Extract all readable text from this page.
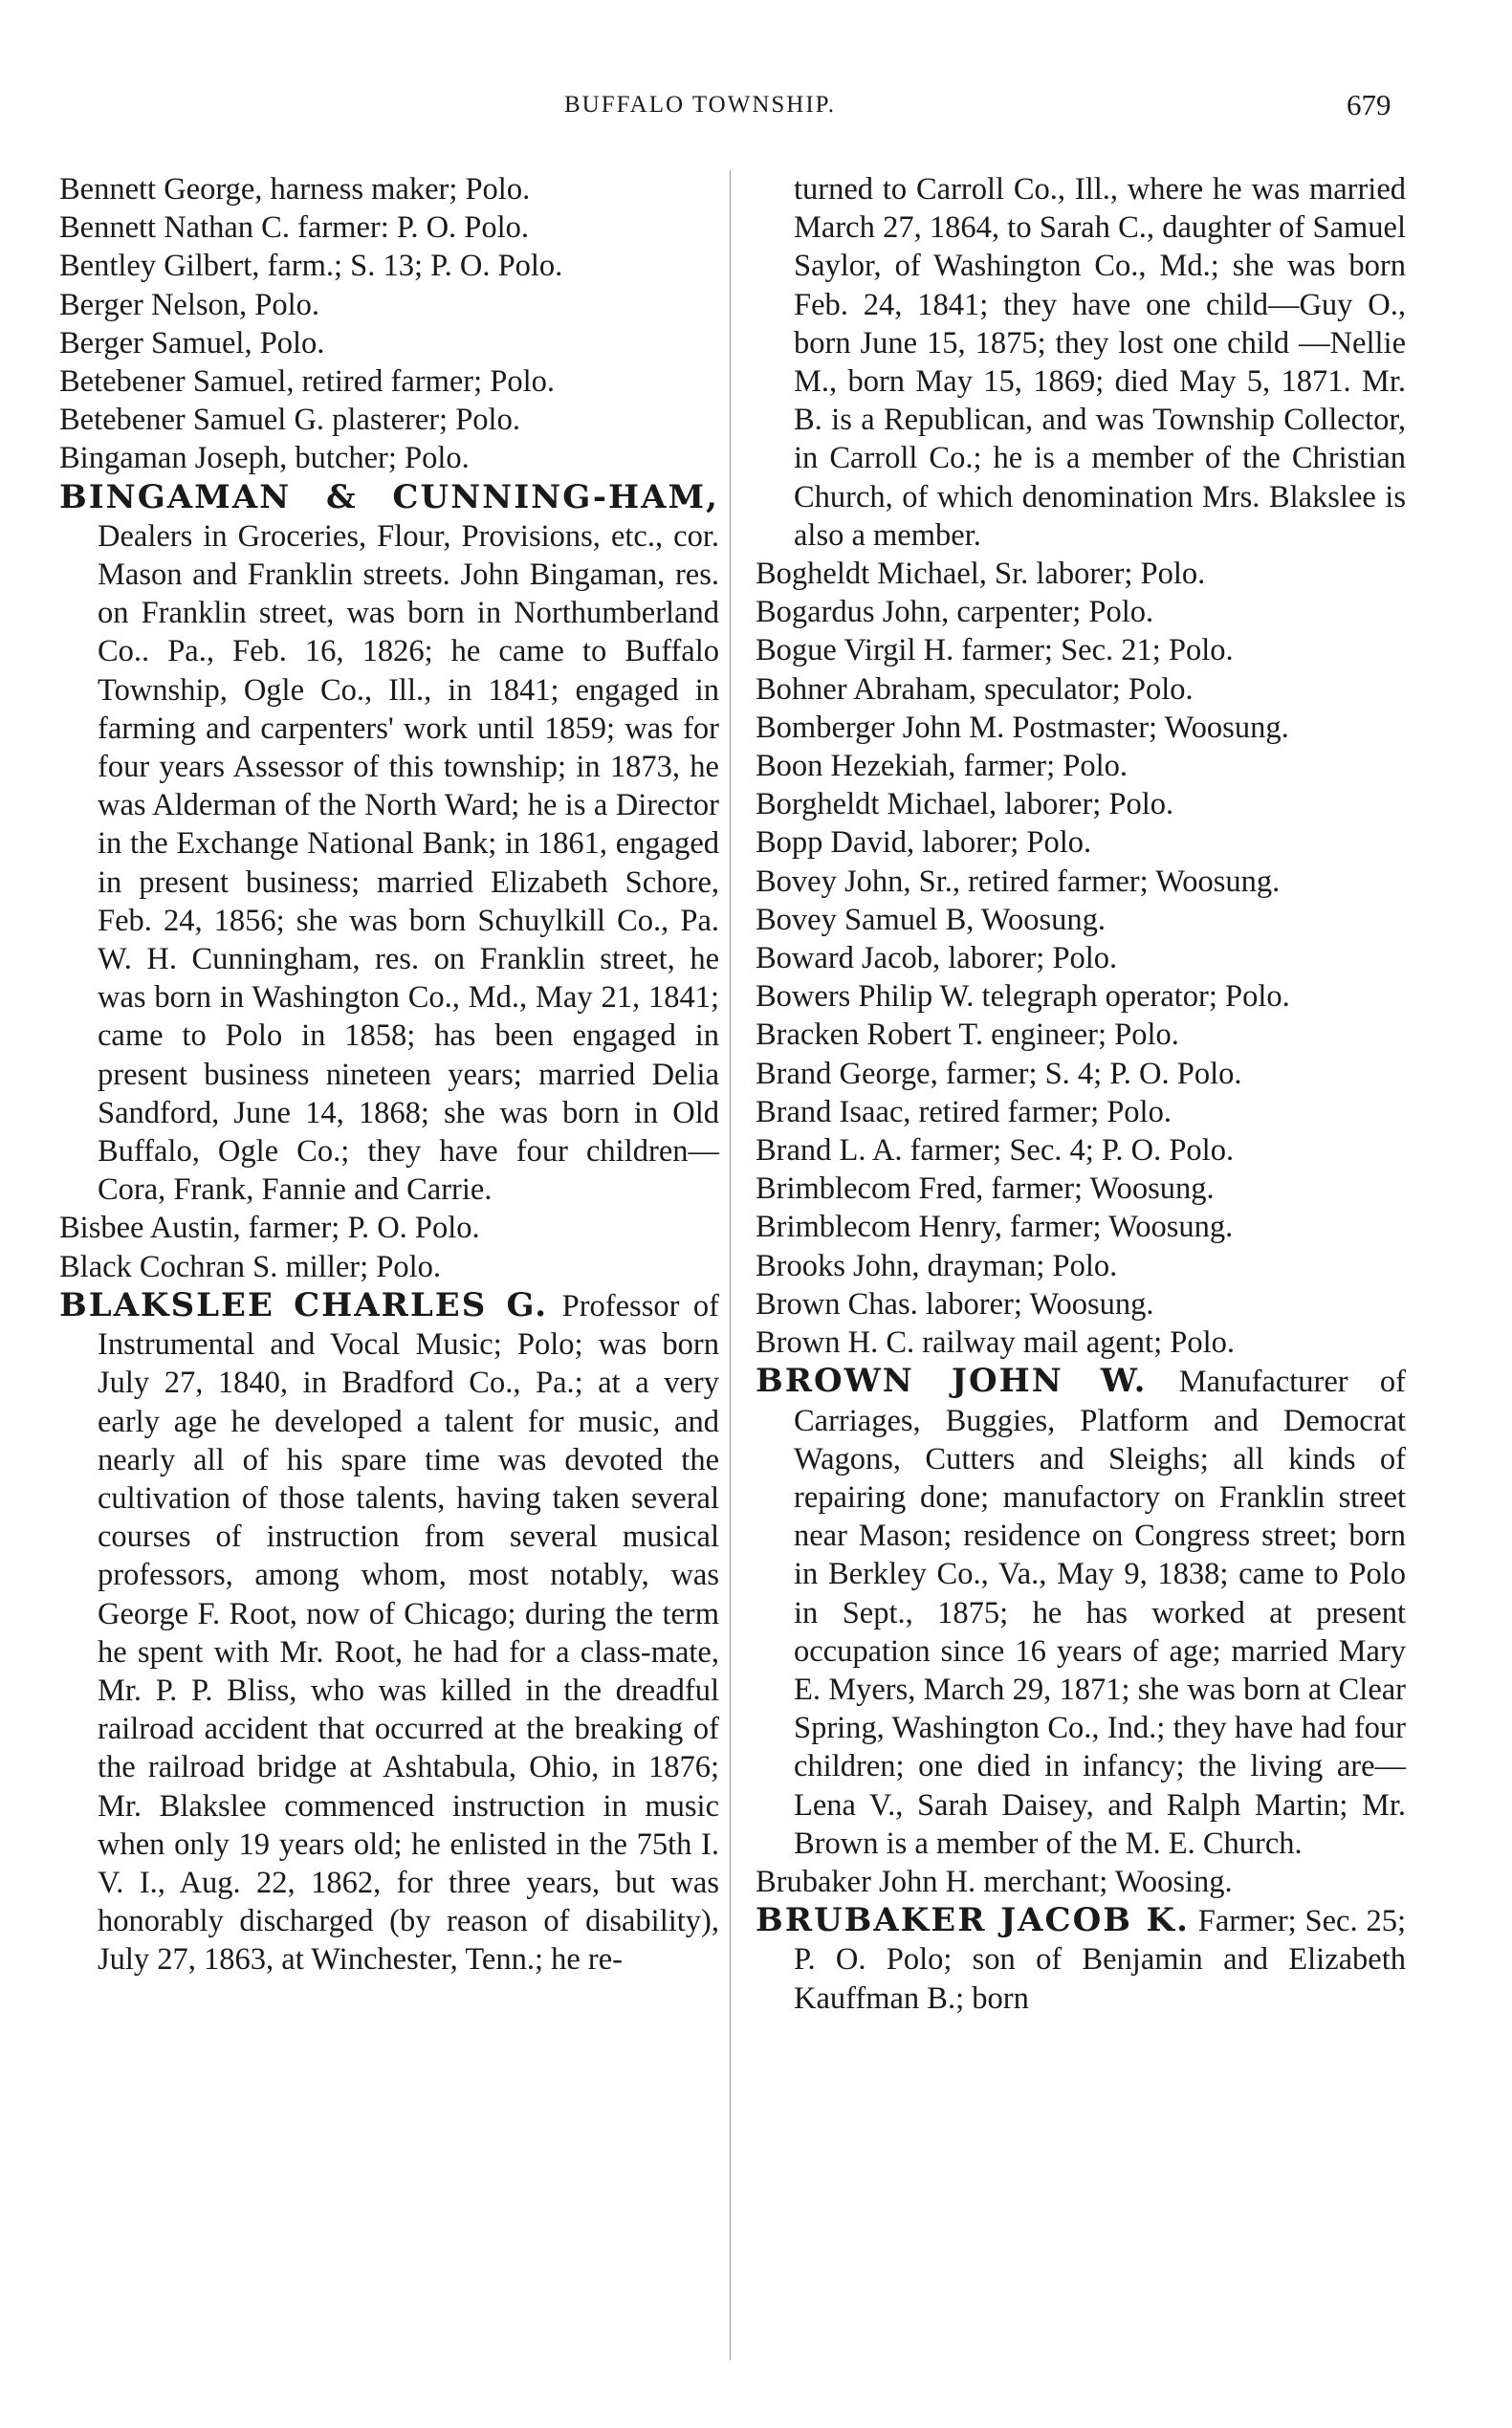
BUFFALO TOWNSHIP.	679
Bennett George, harness maker; Polo.
Bennett Nathan C. farmer: P. O. Polo.
Bentley Gilbert, farm.; S. 13; P. O. Polo.
Berger Nelson, Polo.
Berger Samuel, Polo.
Betebener Samuel, retired farmer; Polo.
Betebener Samuel G. plasterer; Polo.
Bingaman Joseph, butcher; Polo.
BINGAMAN & CUNNING-HAM, Dealers in Groceries, Flour, Provisions, etc., cor. Mason and Franklin streets. John Bingaman, res. on Franklin street, was born in Northumberland Co.. Pa., Feb. 16, 1826; he came to Buffalo Township, Ogle Co., Ill., in 1841; engaged in farming and carpenters' work until 1859; was for four years Assessor of this township; in 1873, he was Alderman of the North Ward; he is a Director in the Exchange National Bank; in 1861, engaged in present business; married Elizabeth Schore, Feb. 24, 1856; she was born Schuylkill Co., Pa. W. H. Cunningham, res. on Franklin street, he was born in Washington Co., Md., May 21, 1841; came to Polo in 1858; has been engaged in present business nineteen years; married Delia Sandford, June 14, 1868; she was born in Old Buffalo, Ogle Co.; they have four children—Cora, Frank, Fannie and Carrie.
Bisbee Austin, farmer; P. O. Polo.
Black Cochran S. miller; Polo.
BLAKSLEE CHARLES G. Professor of Instrumental and Vocal Music; Polo; was born July 27, 1840, in Bradford Co., Pa.; at a very early age he developed a talent for music, and nearly all of his spare time was devoted the cultivation of those talents, having taken several courses of instruction from several musical professors, among whom, most notably, was George F. Root, now of Chicago; during the term he spent with Mr. Root, he had for a class-mate, Mr. P. P. Bliss, who was killed in the dreadful railroad accident that occurred at the breaking of the railroad bridge at Ashtabula, Ohio, in 1876; Mr. Blakslee commenced instruction in music when only 19 years old; he enlisted in the 75th I. V. I., Aug. 22, 1862, for three years, but was honorably discharged (by reason of disability), July 27, 1863, at Winchester, Tenn.; he re-
turned to Carroll Co., Ill., where he was married March 27, 1864, to Sarah C., daughter of Samuel Saylor, of Washington Co., Md.; she was born Feb. 24, 1841; they have one child—Guy O., born June 15, 1875; they lost one child —Nellie M., born May 15, 1869; died May 5, 1871. Mr. B. is a Republican, and was Township Collector, in Carroll Co.; he is a member of the Christian Church, of which denomination Mrs. Blakslee is also a member.
Bogheldt Michael, Sr. laborer; Polo.
Bogardus John, carpenter; Polo.
Bogue Virgil H. farmer; Sec. 21; Polo.
Bohner Abraham, speculator; Polo.
Bomberger John M. Postmaster; Woosung.
Boon Hezekiah, farmer; Polo.
Borgheldt Michael, laborer; Polo.
Bopp David, laborer; Polo.
Bovey John, Sr., retired farmer; Woosung.
Bovey Samuel B, Woosung.
Boward Jacob, laborer; Polo.
Bowers Philip W. telegraph operator; Polo.
Bracken Robert T. engineer; Polo.
Brand George, farmer; S. 4; P. O. Polo.
Brand Isaac, retired farmer; Polo.
Brand L. A. farmer; Sec. 4; P. O. Polo.
Brimblecom Fred, farmer; Woosung.
Brimblecom Henry, farmer; Woosung.
Brooks John, drayman; Polo.
Brown Chas. laborer; Woosung.
Brown H. C. railway mail agent; Polo.
BROWN JOHN W. Manufacturer of Carriages, Buggies, Platform and Democrat Wagons, Cutters and Sleighs; all kinds of repairing done; manufactory on Franklin street near Mason; residence on Congress street; born in Berkley Co., Va., May 9, 1838; came to Polo in Sept., 1875; he has worked at present occupation since 16 years of age; married Mary E. Myers, March 29, 1871; she was born at Clear Spring, Washington Co., Ind.; they have had four children; one died in infancy; the living are—Lena V., Sarah Daisey, and Ralph Martin; Mr. Brown is a member of the M. E. Church.
Brubaker John H. merchant; Woosing.
BRUBAKER JACOB K. Farmer; Sec. 25; P. O. Polo; son of Benjamin and Elizabeth Kauffman B.; born
